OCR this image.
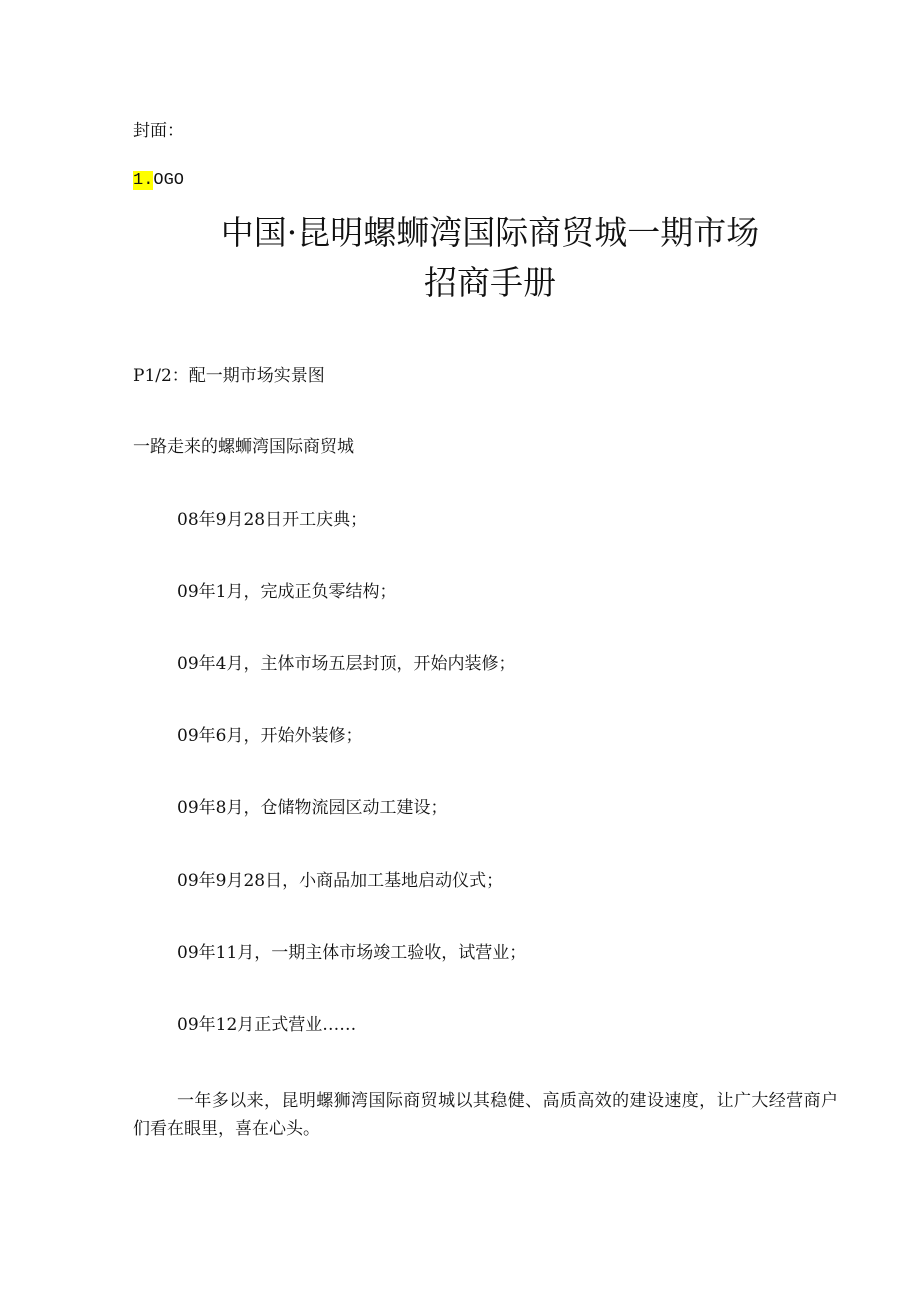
封面：
1.OGO
中国·昆明螺蛳湾国际商贸城一期市场
招商手册
P1/2：配一期市场实景图
一路走来的螺蛳湾国际商贸城
08年9月28日开工庆典；
09年1月，完成正负零结构；
09年4月，主体市场五层封顶，开始内装修；
09年6月，开始外装修；
09年8月，仓储物流园区动工建设；
09年9月28日，小商品加工基地启动仪式；
09年11月，一期主体市场竣工验收，试营业；
09年12月正式营业……
一年多以来，昆明螺狮湾国际商贸城以其稳健、高质高效的建设速度，让广大经营商户们看在眼里，喜在心头。
